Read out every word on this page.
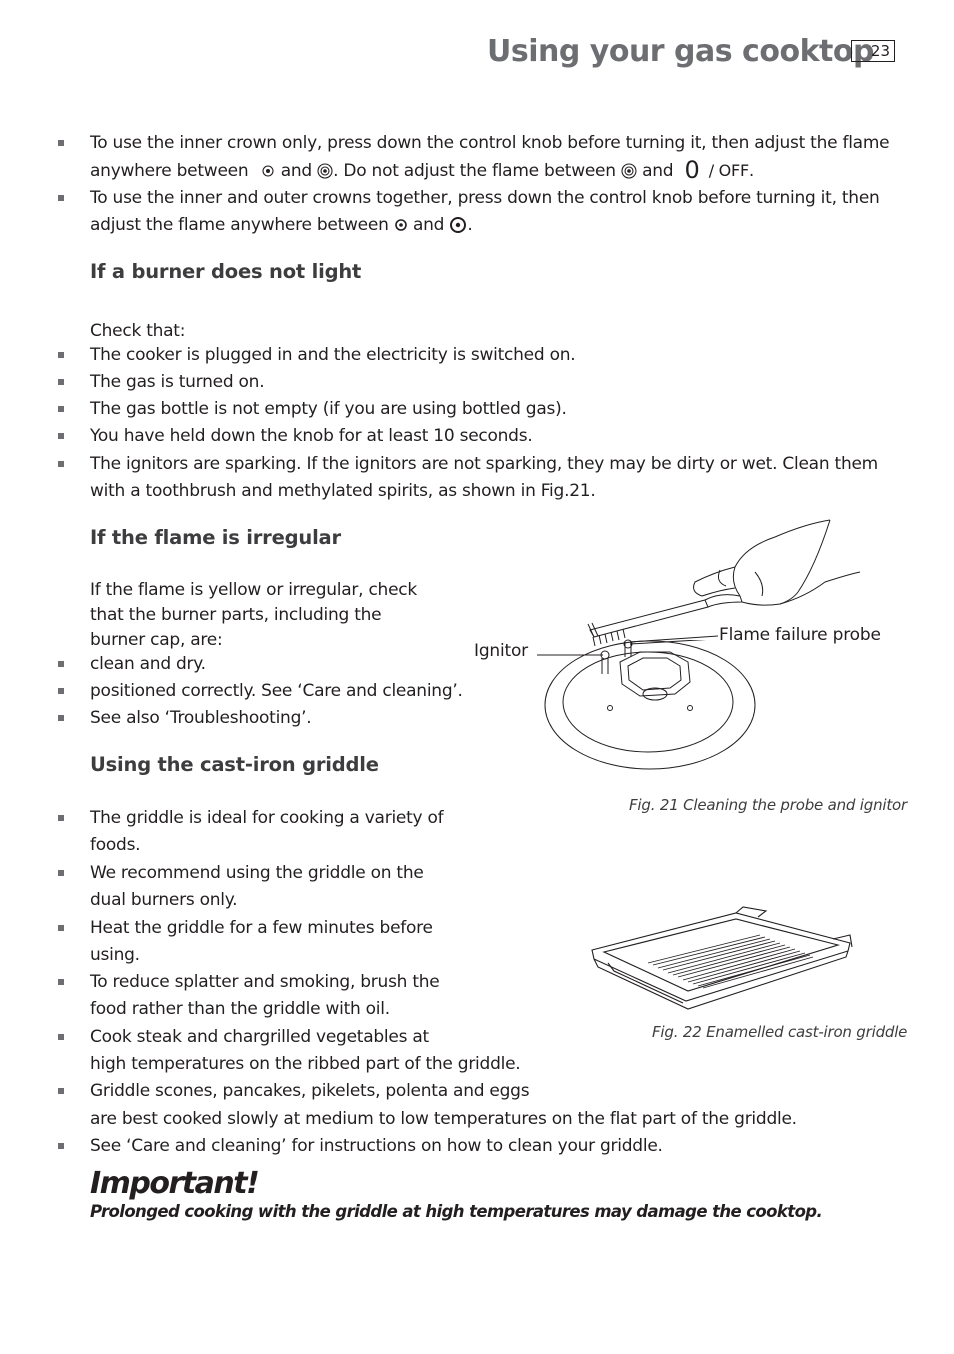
Using your gas cooktop
23
To use the inner crown only, press down the control knob before turning it, then adjust the flame
anywhere between and . Do not adjust the flame between and 0 / OFF.
To use the inner and outer crowns together, press down the control knob before turning it, then
adjust the flame anywhere between and .
If a burner does not light
Check that:
The cooker is plugged in and the electricity is switched on.
The gas is turned on.
The gas bottle is not empty (if you are using bottled gas).
You have held down the knob for at least 10 seconds.
The ignitors are sparking. If the ignitors are not sparking, they may be dirty or wet. Clean them
with a toothbrush and methylated spirits, as shown in Fig.21.
If the flame is irregular
If the flame is yellow or irregular, check
that the burner parts, including the
burner cap, are:
clean and dry.
positioned correctly. See ‘Care and cleaning’.
See also ‘Troubleshooting’.
Ignitor
Flame failure probe
Fig. 21 Cleaning the probe and ignitor
Using the cast-iron griddle
The griddle is ideal for cooking a variety of
foods.
We recommend using the griddle on the
dual burners only.
Heat the griddle for a few minutes before
using.
To reduce splatter and smoking, brush the
food rather than the griddle with oil.
Cook steak and chargrilled vegetables at
high temperatures on the ribbed part of the griddle.
Griddle scones, pancakes, pikelets, polenta and eggs
are best cooked slowly at medium to low temperatures on the flat part of the griddle.
See ‘Care and cleaning’ for instructions on how to clean your griddle.
Fig. 22 Enamelled cast-iron griddle
Important!
Prolonged cooking with the griddle at high temperatures may damage the cooktop.
